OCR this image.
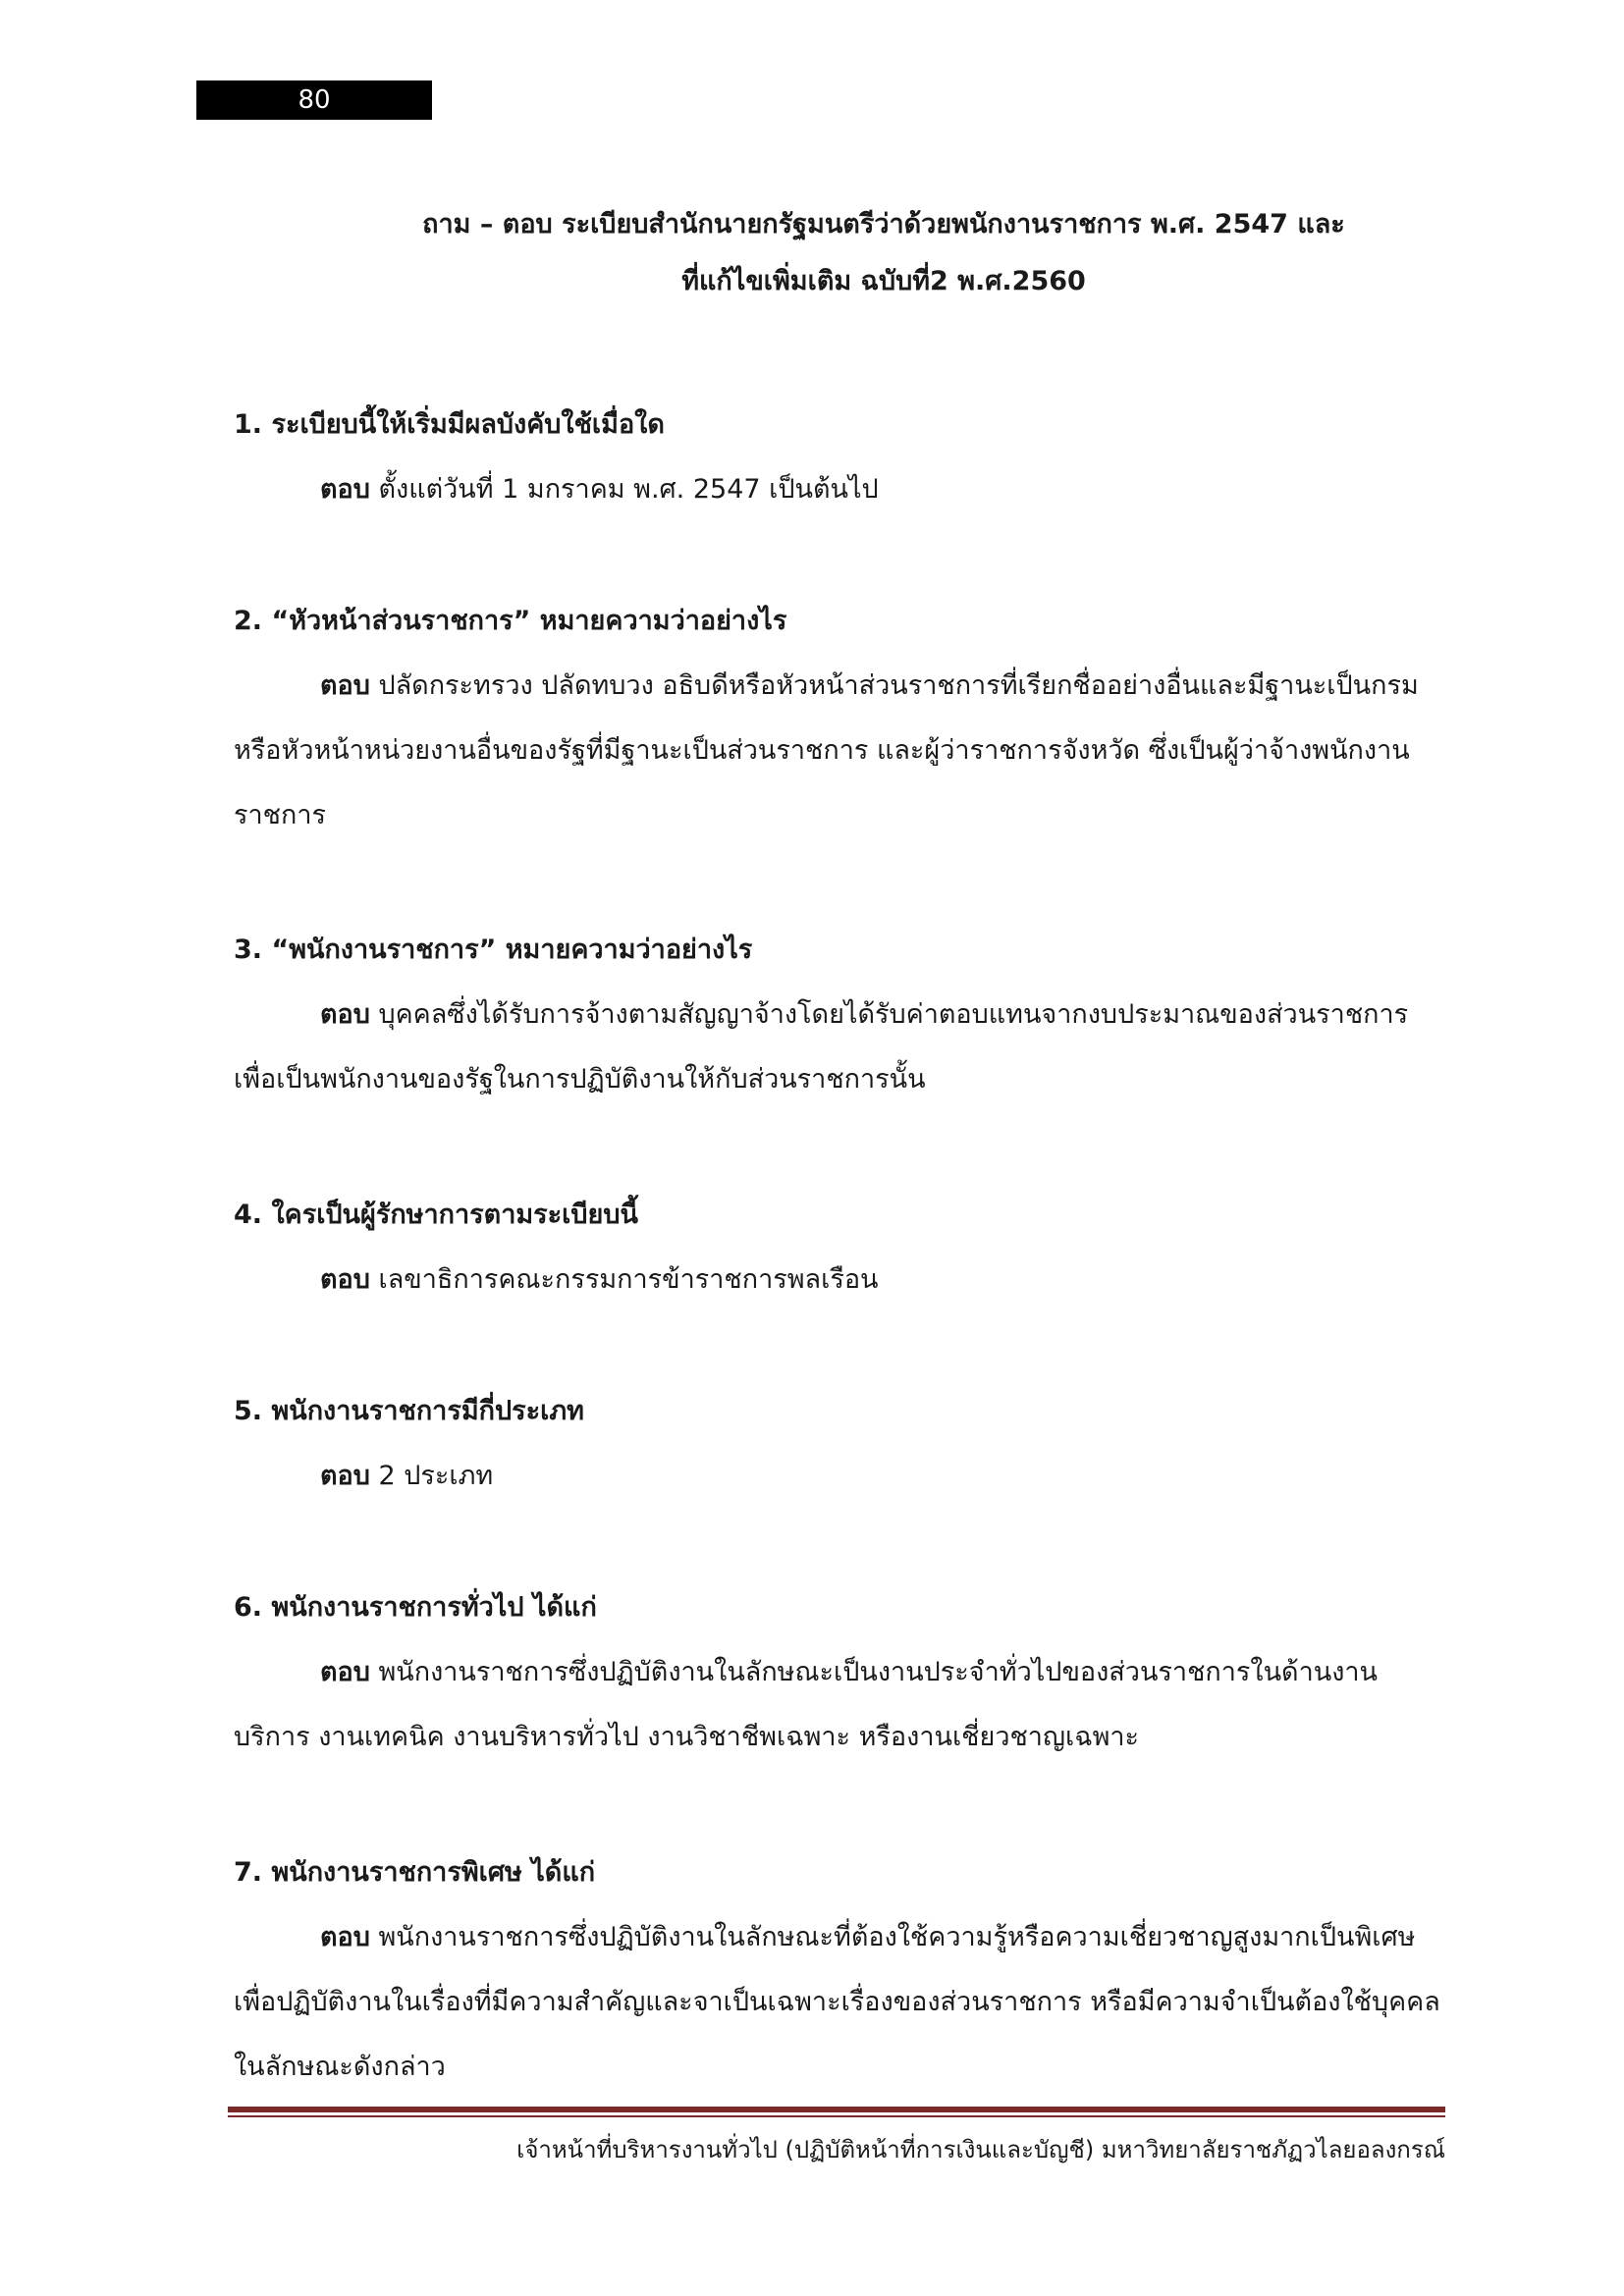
80
ถาม – ตอบ ระเบียบสำนักนายกรัฐมนตรีว่าด้วยพนักงานราชการ พ.ศ. 2547 และ
ที่แก้ไขเพิ่มเติม ฉบับที่2 พ.ศ.2560
1. ระเบียบนี้ให้เริ่มมีผลบังคับใช้เมื่อใด

ตอบ ตั้งแต่วันที่ 1 มกราคม พ.ศ. 2547 เป็นต้นไป

2. “หัวหน้าส่วนราชการ” หมายความว่าอย่างไร

ตอบ ปลัดกระทรวง ปลัดทบวง อธิบดีหรือหัวหน้าส่วนราชการที่เรียกชื่ออย่างอื่นและมีฐานะเป็นกรม หรือหัวหน้าหน่วยงานอื่นของรัฐที่มีฐานะเป็นส่วนราชการ และผู้ว่าราชการจังหวัด ซึ่งเป็นผู้ว่าจ้างพนักงานราชการ

3. “พนักงานราชการ” หมายความว่าอย่างไร

ตอบ บุคคลซึ่งได้รับการจ้างตามสัญญาจ้างโดยได้รับค่าตอบแทนจากงบประมาณของส่วนราชการเพื่อเป็นพนักงานของรัฐในการปฏิบัติงานให้กับส่วนราชการนั้น

4. ใครเป็นผู้รักษาการตามระเบียบนี้

ตอบ เลขาธิการคณะกรรมการข้าราชการพลเรือน

5. พนักงานราชการมีกี่ประเภท

ตอบ 2 ประเภท

6. พนักงานราชการทั่วไป ได้แก่

ตอบ พนักงานราชการซึ่งปฏิบัติงานในลักษณะเป็นงานประจำทั่วไปของส่วนราชการในด้านงานบริการ งานเทคนิค งานบริหารทั่วไป งานวิชาชีพเฉพาะ หรืองานเชี่ยวชาญเฉพาะ

7. พนักงานราชการพิเศษ ได้แก่

ตอบ พนักงานราชการซึ่งปฏิบัติงานในลักษณะที่ต้องใช้ความรู้หรือความเชี่ยวชาญสูงมากเป็นพิเศษเพื่อปฏิบัติงานในเรื่องที่มีความสำคัญและจาเป็นเฉพาะเรื่องของส่วนราชการ หรือมีความจำเป็นต้องใช้บุคคลในลักษณะดังกล่าว

เจ้าหน้าที่บริหารงานทั่วไป (ปฏิบัติหน้าที่การเงินและบัญชี) มหาวิทยาลัยราชภัฏวไลยอลงกรณ์
